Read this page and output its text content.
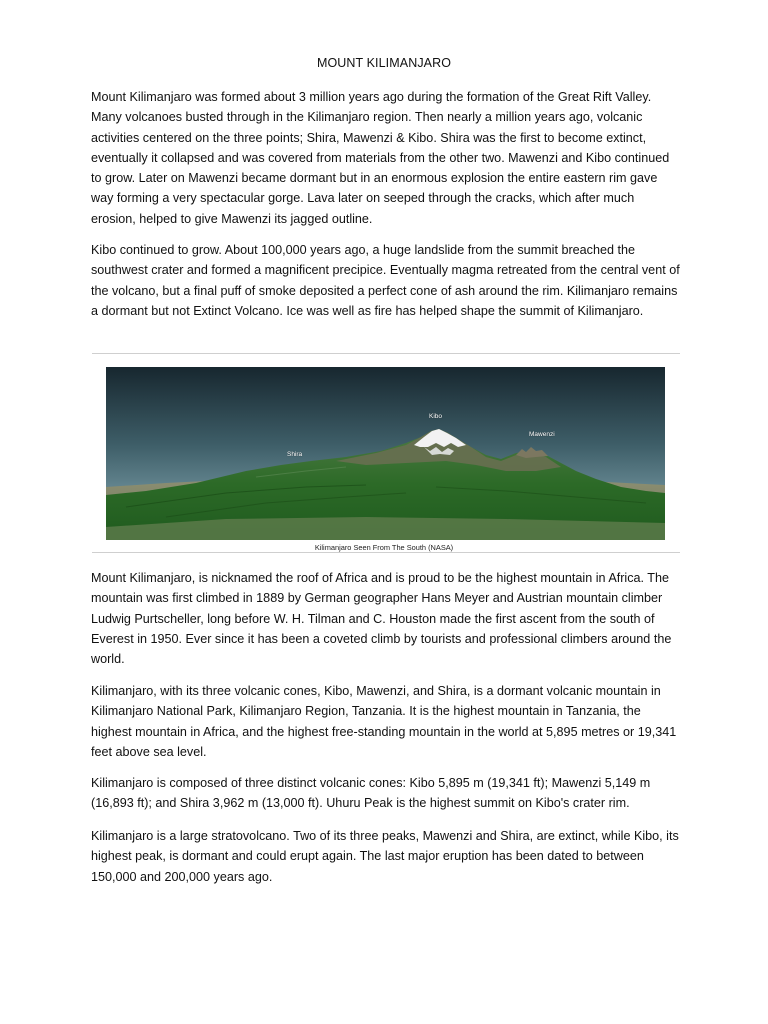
MOUNT KILIMANJARO

Mount Kilimanjaro was formed about 3 million years ago during the formation of the Great Rift Valley. Many volcanoes busted through in the Kilimanjaro region. Then nearly a million years ago, volcanic activities centered on the three points; Shira, Mawenzi & Kibo. Shira was the first to become extinct, eventually it collapsed and was covered from materials from the other two. Mawenzi and Kibo continued to grow. Later on Mawenzi became dormant but in an enormous explosion the entire eastern rim gave way forming a very spectacular gorge. Lava later on seeped through the cracks, which after much erosion, helped to give Mawenzi its jagged outline.

Kibo continued to grow. About 100,000 years ago, a huge landslide from the summit breached the southwest crater and formed a magnificent precipice. Eventually magma retreated from the central vent of the volcano, but a final puff of smoke deposited a perfect cone of ash around the rim. Kilimanjaro remains a dormant but not Extinct Volcano. Ice was well as fire has helped shape the summit of Kilimanjaro.

Kibo
Mawenzi
Shira
Kilimanjaro Seen From The South (NASA)

Mount Kilimanjaro, is nicknamed the roof of Africa and is proud to be the highest mountain in Africa. The mountain was first climbed in 1889 by German geographer Hans Meyer and Austrian mountain climber Ludwig Purtscheller, long before W. H. Tilman and C. Houston made the first ascent from the south of Everest in 1950. Ever since it has been a coveted climb by tourists and professional climbers around the world.

Kilimanjaro, with its three volcanic cones, Kibo, Mawenzi, and Shira, is a dormant volcanic mountain in Kilimanjaro National Park, Kilimanjaro Region, Tanzania. It is the highest mountain in Tanzania, the highest mountain in Africa, and the highest free-standing mountain in the world at 5,895 metres or 19,341 feet above sea level.

Kilimanjaro is composed of three distinct volcanic cones: Kibo 5,895 m (19,341 ft); Mawenzi 5,149 m (16,893 ft); and Shira 3,962 m (13,000 ft). Uhuru Peak is the highest summit on Kibo's crater rim.

Kilimanjaro is a large stratovolcano. Two of its three peaks, Mawenzi and Shira, are extinct, while Kibo, its highest peak, is dormant and could erupt again. The last major eruption has been dated to between 150,000 and 200,000 years ago.
